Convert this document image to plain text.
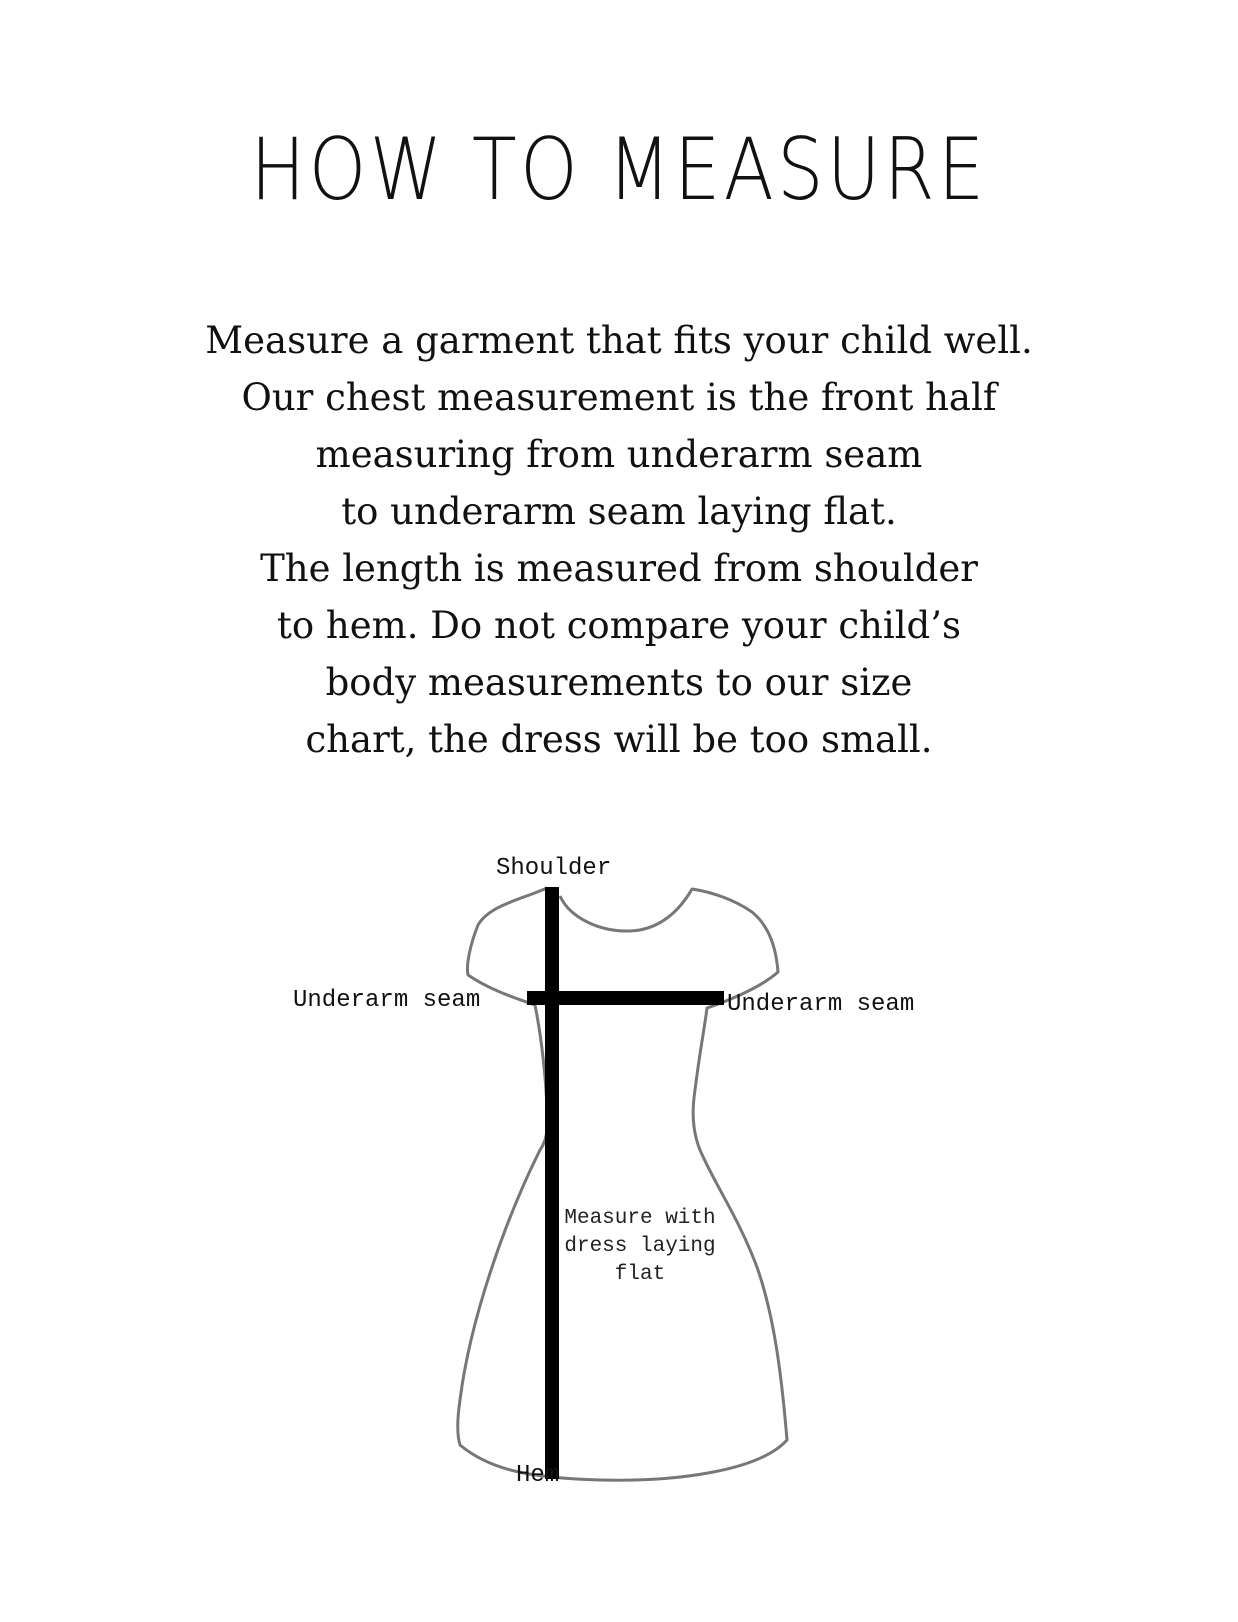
HOW TO MEASURE
Measure a garment that fits your child well.
Our chest measurement is the front half
measuring from underarm seam
to underarm seam laying flat.
The length is measured from shoulder
to hem. Do not compare your child’s
body measurements to our size
chart, the dress will be too small.
Shoulder
Underarm seam	Underarm seam
Hem
Measure with
dress laying
flat
